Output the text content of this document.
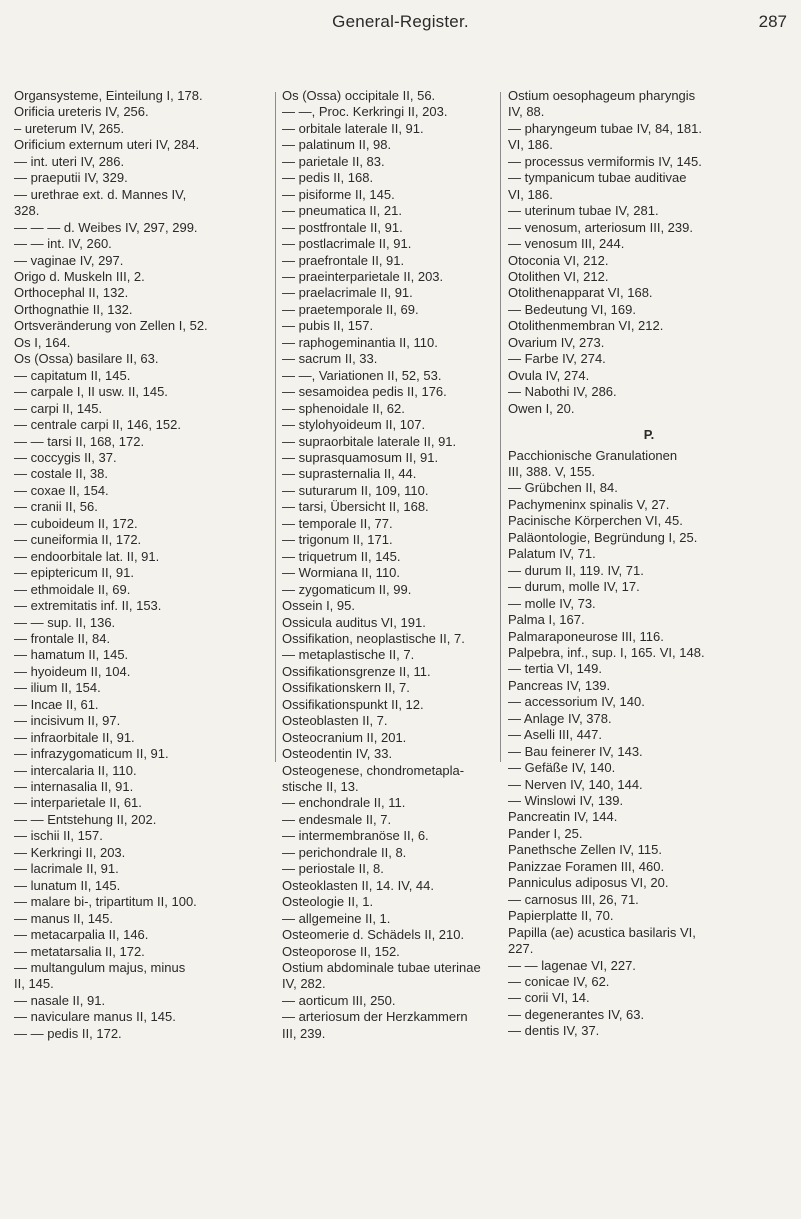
General-Register.	287
Organsysteme, Einteilung I, 178.
Orificia ureteris IV, 256.
– ureterum IV, 265.
Orificium externum uteri IV, 284.
— int. uteri IV, 286.
— praeputii IV, 329.
— urethrae ext. d. Mannes IV,
328.
— — — d. Weibes IV, 297, 299.
— — int. IV, 260.
— vaginae IV, 297.
Origo d. Muskeln III, 2.
Orthocephal II, 132.
Orthognathie II, 132.
Ortsveränderung von Zellen I, 52.
Os I, 164.
Os (Ossa) basilare II, 63.
— capitatum II, 145.
— carpale I, II usw. II, 145.
— carpi II, 145.
— centrale carpi II, 146, 152.
— — tarsi II, 168, 172.
— coccygis II, 37.
— costale II, 38.
— coxae II, 154.
— cranii II, 56.
— cuboideum II, 172.
— cuneiformia II, 172.
— endoorbitale lat. II, 91.
— epiptericum II, 91.
— ethmoidale II, 69.
— extremitatis inf. II, 153.
— — sup. II, 136.
— frontale II, 84.
— hamatum II, 145.
— hyoideum II, 104.
— ilium II, 154.
— Incae II, 61.
— incisivum II, 97.
— infraorbitale II, 91.
— infrazygomaticum II, 91.
— intercalaria II, 110.
— internasalia II, 91.
— interparietale II, 61.
— — Entstehung II, 202.
— ischii II, 157.
— Kerkringi II, 203.
— lacrimale II, 91.
— lunatum II, 145.
— malare bi-, tripartitum II, 100.
— manus II, 145.
— metacarpalia II, 146.
— metatarsalia II, 172.
— multangulum majus, minus
II, 145.
— nasale II, 91.
— naviculare manus II, 145.
— — pedis II, 172.
Os (Ossa) occipitale II, 56.
— —, Proc. Kerkringi II, 203.
— orbitale laterale II, 91.
— palatinum II, 98.
— parietale II, 83.
— pedis II, 168.
— pisiforme II, 145.
— pneumatica II, 21.
— postfrontale II, 91.
— postlacrimale II, 91.
— praefrontale II, 91.
— praeinterparietale II, 203.
— praelacrimale II, 91.
— praetemporale II, 69.
— pubis II, 157.
— raphogeminantia II, 110.
— sacrum II, 33.
— —, Variationen II, 52, 53.
— sesamoidea pedis II, 176.
— sphenoidale II, 62.
— stylohyoideum II, 107.
— supraorbitale laterale II, 91.
— suprasquamosum II, 91.
— suprasternalia II, 44.
— suturarum II, 109, 110.
— tarsi, Übersicht II, 168.
— temporale II, 77.
— trigonum II, 171.
— triquetrum II, 145.
— Wormiana II, 110.
— zygomaticum II, 99.
Ossein I, 95.
Ossicula auditus VI, 191.
Ossifikation, neoplastische II, 7.
— metaplastische II, 7.
Ossifikationsgrenze II, 11.
Ossifikationskern II, 7.
Ossifikationspunkt II, 12.
Osteoblasten II, 7.
Osteocranium II, 201.
Osteodentin IV, 33.
Osteogenese, chondrometapla-
stische II, 13.
— enchondrale II, 11.
— endesmale II, 7.
— intermembranöse II, 6.
— perichondrale II, 8.
— periostale II, 8.
Osteoklasten II, 14. IV, 44.
Osteologie II, 1.
— allgemeine II, 1.
Osteomerie d. Schädels II, 210.
Osteoporose II, 152.
Ostium abdominale tubae uterinae
IV, 282.
— aorticum III, 250.
— arteriosum der Herzkammern
III, 239.
Ostium oesophageum pharyngis
IV, 88.
— pharyngeum tubae IV, 84, 181.
VI, 186.
— processus vermiformis IV, 145.
— tympanicum tubae auditivae
VI, 186.
— uterinum tubae IV, 281.
— venosum, arteriosum III, 239.
— venosum III, 244.
Otoconia VI, 212.
Otolithen VI, 212.
Otolithenapparat VI, 168.
— Bedeutung VI, 169.
Otolithenmembran VI, 212.
Ovarium IV, 273.
— Farbe IV, 274.
Ovula IV, 274.
— Nabothi IV, 286.
Owen I, 20.
P.
Pacchionische Granulationen
III, 388. V, 155.
— Grübchen II, 84.
Pachymeninx spinalis V, 27.
Pacinische Körperchen VI, 45.
Paläontologie, Begründung I, 25.
Palatum IV, 71.
— durum II, 119. IV, 71.
— durum, molle IV, 17.
— molle IV, 73.
Palma I, 167.
Palmaraponeurose III, 116.
Palpebra, inf., sup. I, 165. VI, 148.
— tertia VI, 149.
Pancreas IV, 139.
— accessorium IV, 140.
— Anlage IV, 378.
— Aselli III, 447.
— Bau feinerer IV, 143.
— Gefäße IV, 140.
— Nerven IV, 140, 144.
— Winslowi IV, 139.
Pancreatin IV, 144.
Pander I, 25.
Panethsche Zellen IV, 115.
Panizzae Foramen III, 460.
Panniculus adiposus VI, 20.
— carnosus III, 26, 71.
Papierplatte II, 70.
Papilla (ae) acustica basilaris VI,
227.
— — lagenae VI, 227.
— conicae IV, 62.
— corii VI, 14.
— degenerantes IV, 63.
— dentis IV, 37.
